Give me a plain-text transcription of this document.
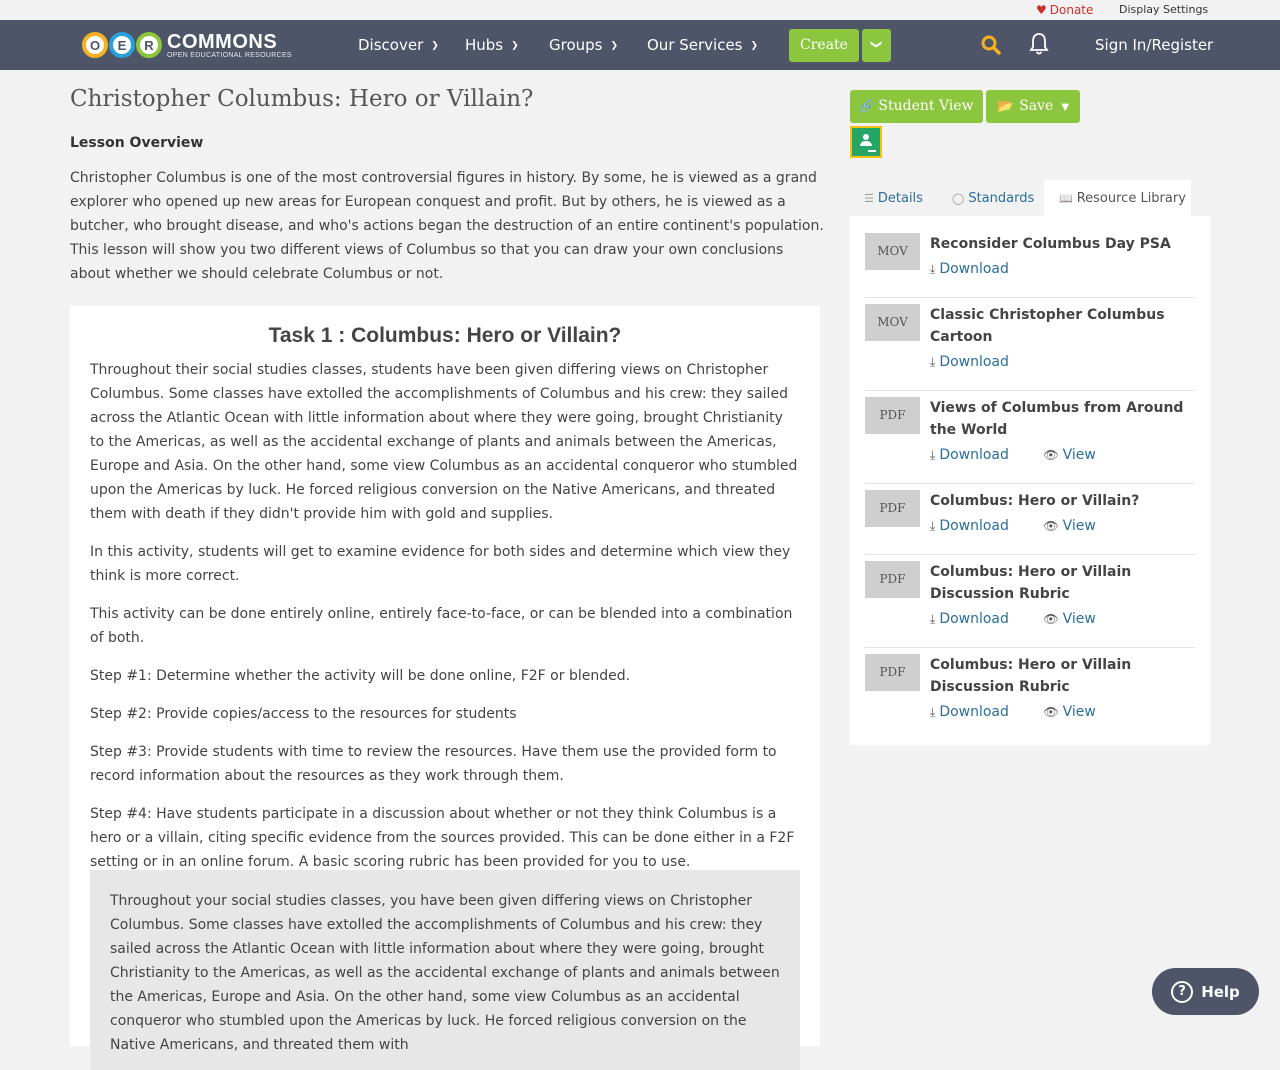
♥ Donate Display Settings
O	E	R COMMONS
OPEN EDUCATIONAL RESOURCES
Discover ❯ Hubs ❯ Groups ❯ Our Services ❯	Create	❯	Sign In/Register
Christopher Columbus: Hero or Villain?
Lesson Overview
Christopher Columbus is one of the most controversial figures in history. By some, he is viewed as a grand explorer who opened up new areas for European conquest and profit. But by others, he is viewed as a butcher, who brought disease, and who's actions began the destruction of an entire continent's population. This lesson will show you two different views of Columbus so that you can draw your own conclusions about whether we should celebrate Columbus or not.
Task 1 : Columbus: Hero or Villain?

Throughout their social studies classes, students have been given differing views on Christopher Columbus. Some classes have extolled the accomplishments of Columbus and his crew: they sailed across the Atlantic Ocean with little information about where they were going, brought Christianity to the Americas, as well as the accidental exchange of plants and animals between the Americas, Europe and Asia. On the other hand, some view Columbus as an accidental conqueror who stumbled upon the Americas by luck. He forced religious conversion on the Native Americans, and threated them with death if they didn't provide him with gold and supplies.

In this activity, students will get to examine evidence for both sides and determine which view they think is more correct.

This activity can be done entirely online, entirely face-to-face, or can be blended into a combination of both.

Step #1: Determine whether the activity will be done online, F2F or blended.

Step #2: Provide copies/access to the resources for students

Step #3: Provide students with time to review the resources. Have them use the provided form to record information about the resources as they work through them.

Step #4: Have students participate in a discussion about whether or not they think Columbus is a hero or a villain, citing specific evidence from the sources provided. This can be done either in a F2F setting or in an online forum. A basic scoring rubric has been provided for you to use.

Throughout your social studies classes, you have been given differing views on Christopher Columbus. Some classes have extolled the accomplishments of Columbus and his crew: they sailed across the Atlantic Ocean with little information about where they were going, brought Christianity to the Americas, as well as the accidental exchange of plants and animals between the Americas, Europe and Asia. On the other hand, some view Columbus as an accidental conqueror who stumbled upon the Americas by luck. He forced religious conversion on the Native Americans, and threated them with
🔗 Student View	📂 Save ▼
☰ Details	◯ Standards	📖 Resource Library
MOV	Reconsider Columbus Day PSA
⤓ Download
MOV	Classic Christopher Columbus Cartoon
⤓ Download
PDF	Views of Columbus from Around the World
⤓ Download	👁 View
PDF	Columbus: Hero or Villain?
⤓ Download	👁 View
PDF	Columbus: Hero or Villain Discussion Rubric
⤓ Download	👁 View
PDF	Columbus: Hero or Villain Discussion Rubric
⤓ Download	👁 View
?	Help
